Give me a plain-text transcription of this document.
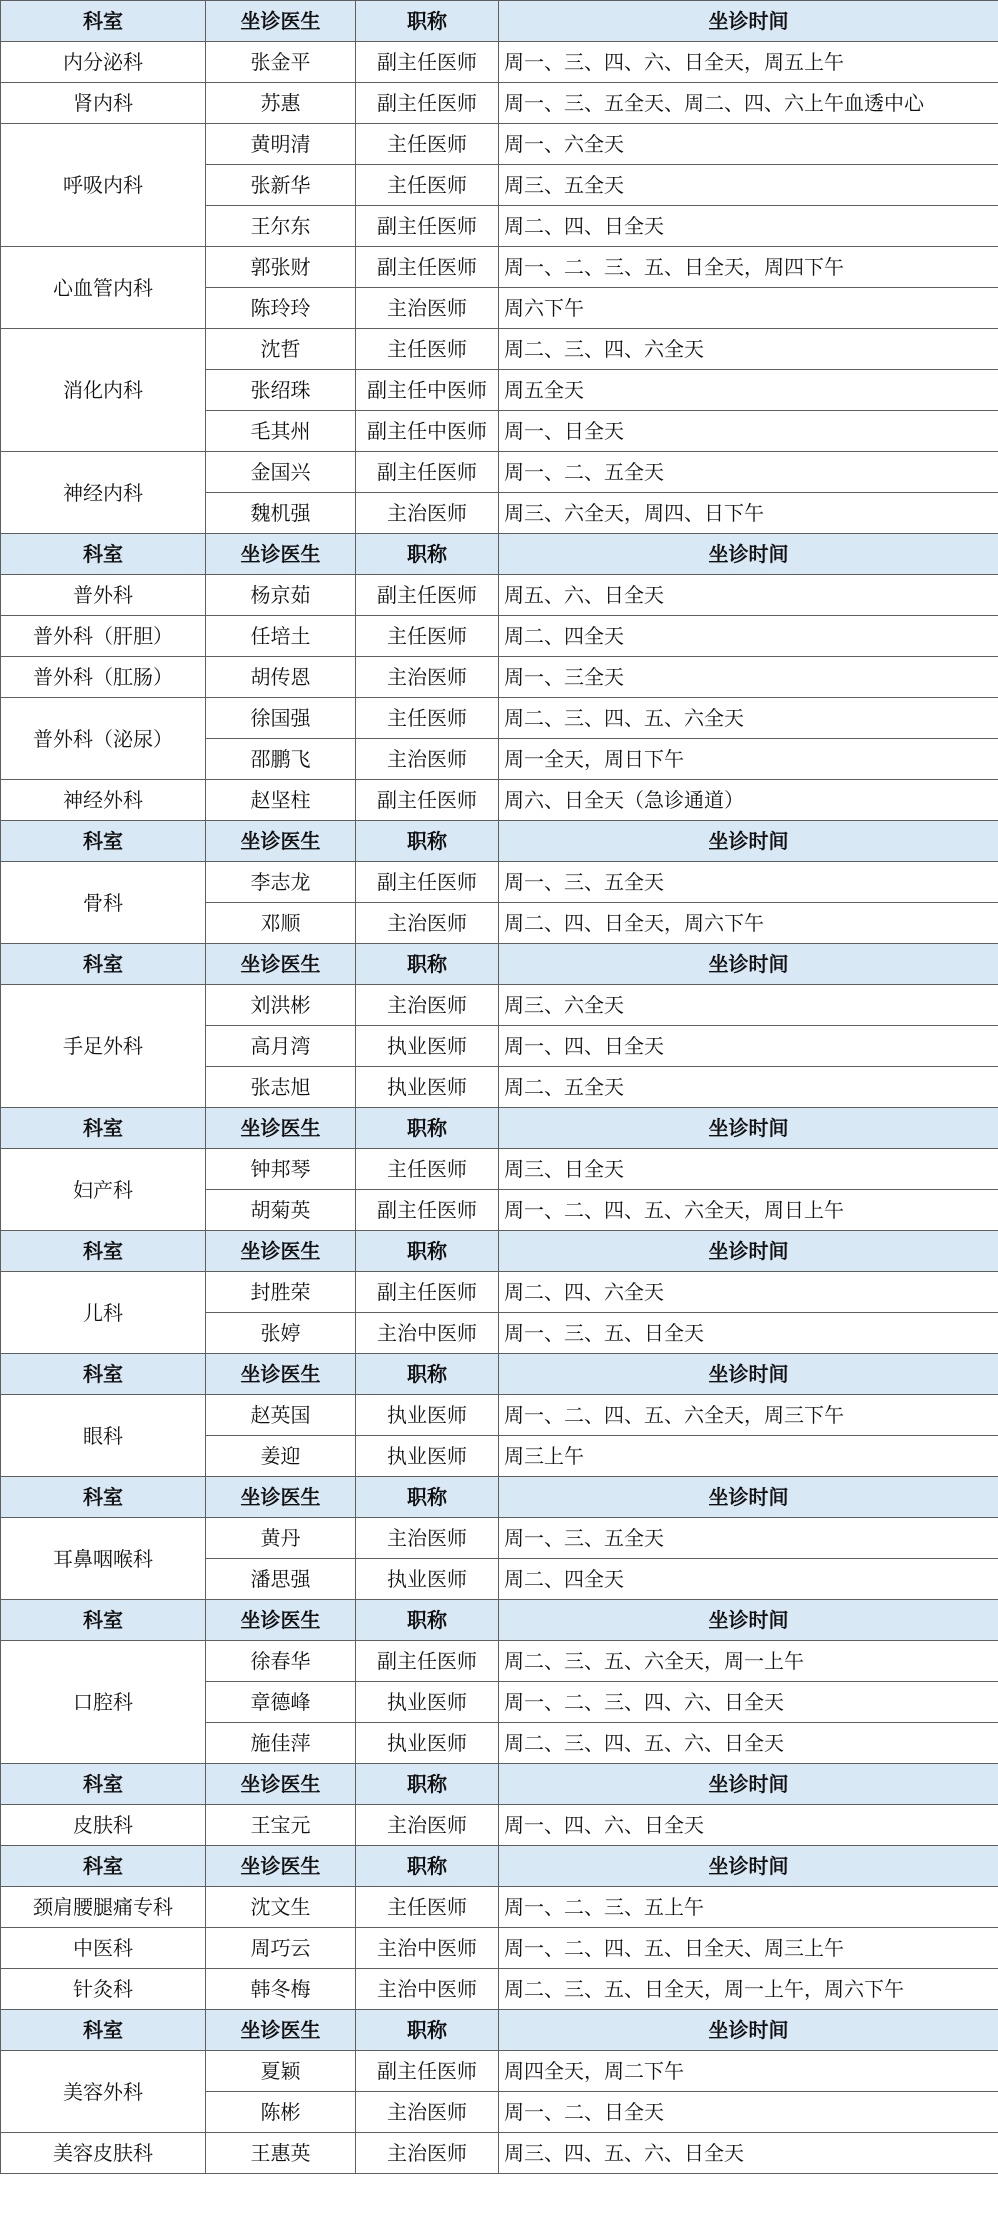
科室	坐诊医生	职称	坐诊时间
内分泌科	张金平	副主任医师	周一、三、四、六、日全天，周五上午
肾内科	苏惠	副主任医师	周一、三、五全天、周二、四、六上午血透中心
呼吸内科	黄明清	主任医师	周一、六全天
	张新华	主任医师	周三、五全天
	王尔东	副主任医师	周二、四、日全天
心血管内科	郭张财	副主任医师	周一、二、三、五、日全天，周四下午
	陈玲玲	主治医师	周六下午
消化内科	沈哲	主任医师	周二、三、四、六全天
	张绍珠	副主任中医师	周五全天
	毛其州	副主任中医师	周一、日全天
神经内科	金国兴	副主任医师	周一、二、五全天
	魏机强	主治医师	周三、六全天，周四、日下午
科室	坐诊医生	职称	坐诊时间
普外科	杨京茹	副主任医师	周五、六、日全天
普外科（肝胆）	任培土	主任医师	周二、四全天
普外科（肛肠）	胡传恩	主治医师	周一、三全天
普外科（泌尿）	徐国强	主任医师	周二、三、四、五、六全天
	邵鹏飞	主治医师	周一全天，周日下午
神经外科	赵坚柱	副主任医师	周六、日全天（急诊通道）
科室	坐诊医生	职称	坐诊时间
骨科	李志龙	副主任医师	周一、三、五全天
	邓顺	主治医师	周二、四、日全天，周六下午
科室	坐诊医生	职称	坐诊时间
手足外科	刘洪彬	主治医师	周三、六全天
	高月湾	执业医师	周一、四、日全天
	张志旭	执业医师	周二、五全天
科室	坐诊医生	职称	坐诊时间
妇产科	钟邦琴	主任医师	周三、日全天
	胡菊英	副主任医师	周一、二、四、五、六全天，周日上午
科室	坐诊医生	职称	坐诊时间
儿科	封胜荣	副主任医师	周二、四、六全天
	张婷	主治中医师	周一、三、五、日全天
科室	坐诊医生	职称	坐诊时间
眼科	赵英国	执业医师	周一、二、四、五、六全天，周三下午
	姜迎	执业医师	周三上午
科室	坐诊医生	职称	坐诊时间
耳鼻咽喉科	黄丹	主治医师	周一、三、五全天
	潘思强	执业医师	周二、四全天
科室	坐诊医生	职称	坐诊时间
口腔科	徐春华	副主任医师	周二、三、五、六全天，周一上午
	章德峰	执业医师	周一、二、三、四、六、日全天
	施佳萍	执业医师	周二、三、四、五、六、日全天
科室	坐诊医生	职称	坐诊时间
皮肤科	王宝元	主治医师	周一、四、六、日全天
科室	坐诊医生	职称	坐诊时间
颈肩腰腿痛专科	沈文生	主任医师	周一、二、三、五上午
中医科	周巧云	主治中医师	周一、二、四、五、日全天、周三上午
针灸科	韩冬梅	主治中医师	周二、三、五、日全天，周一上午，周六下午
科室	坐诊医生	职称	坐诊时间
美容外科	夏颖	副主任医师	周四全天，周二下午
	陈彬	主治医师	周一、二、日全天
美容皮肤科	王惠英	主治医师	周三、四、五、六、日全天
